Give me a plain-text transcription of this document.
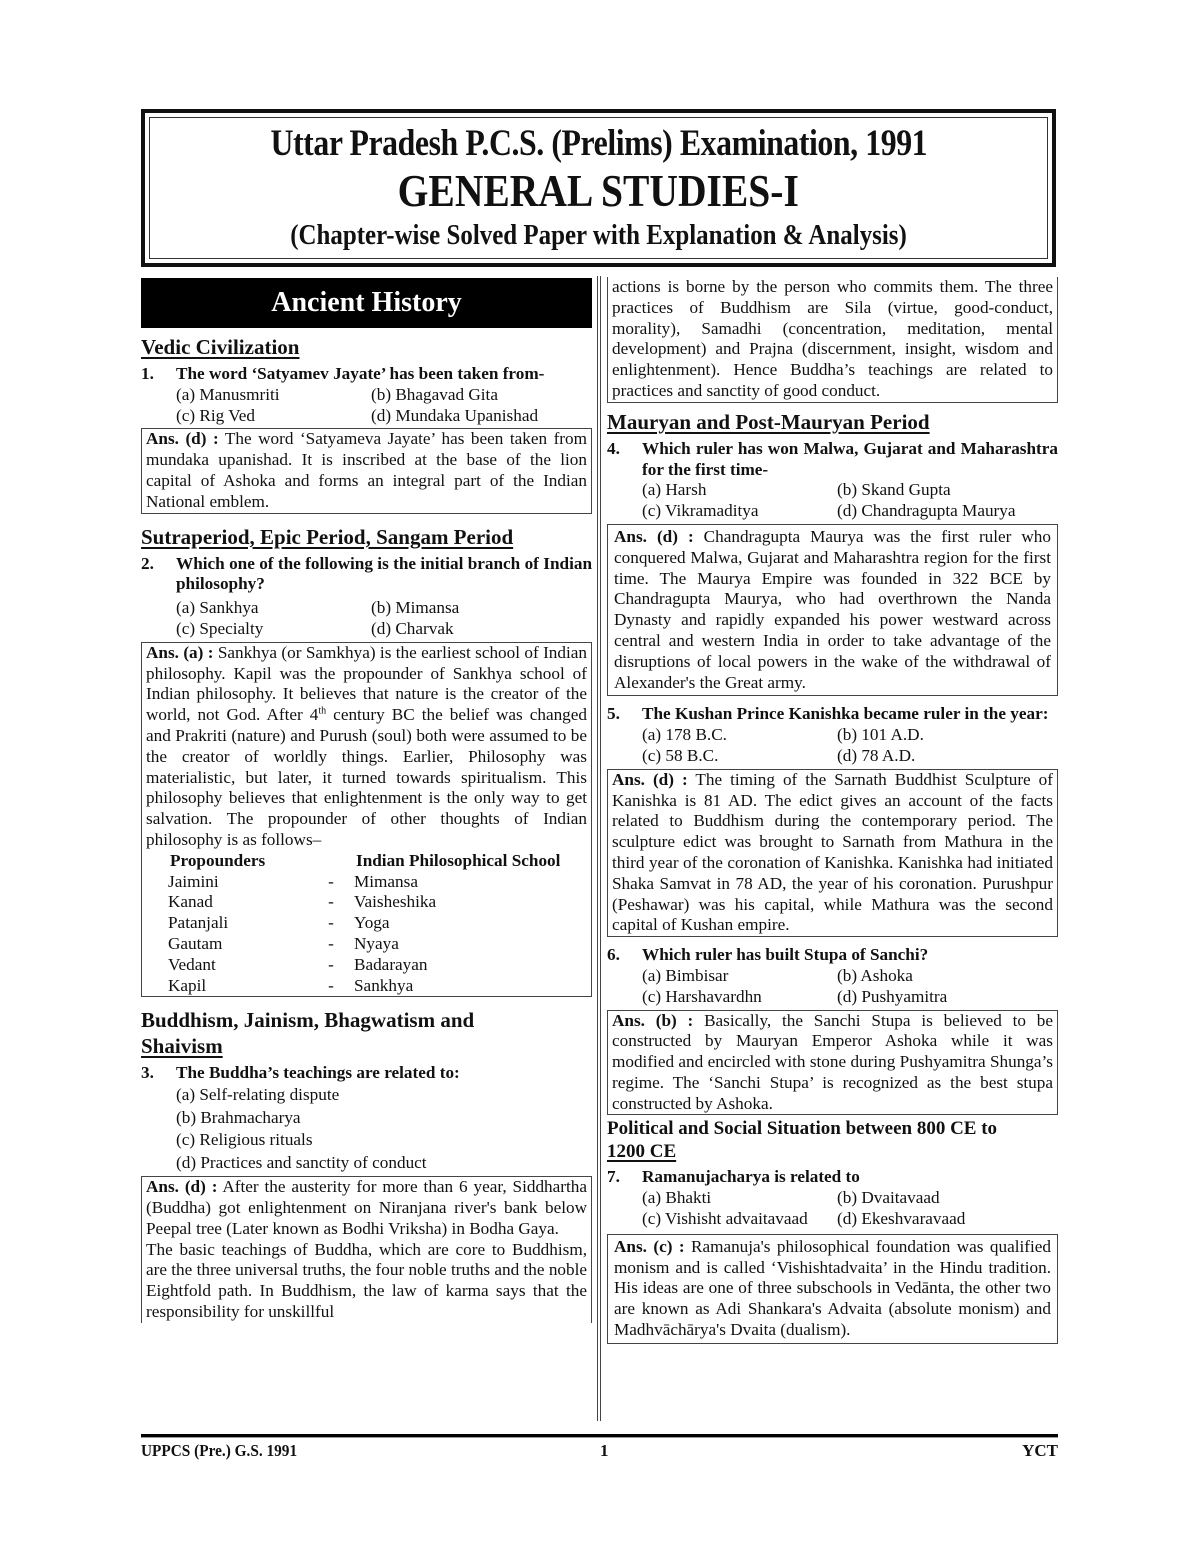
Uttar Pradesh P.C.S. (Prelims) Examination, 1991
GENERAL STUDIES-I
(Chapter-wise Solved Paper with Explanation & Analysis)
Ancient History
Vedic Civilization
1.	The word ‘Satyamev Jayate’ has been taken from-
(a) Manusmriti	(b) Bhagavad Gita
(c) Rig Ved	(d) Mundaka Upanishad

Ans. (d) : The word ‘Satyameva Jayate’ has been taken from mundaka upanishad. It is inscribed at the base of the lion capital of Ashoka and forms an integral part of the Indian National emblem.

Sutraperiod, Epic Period, Sangam Period
2.	Which one of the following is the initial branch of Indian philosophy?
(a) Sankhya	(b) Mimansa
(c) Specialty	(d) Charvak

Ans. (a) : Sankhya (or Samkhya) is the earliest school of Indian philosophy. Kapil was the propounder of Sankhya school of Indian philosophy. It believes that nature is the creator of the world, not God. After 4th century BC the belief was changed and Prakriti (nature) and Purush (soul) both were assumed to be the creator of worldly things. Earlier, Philosophy was materialistic, but later, it turned towards spiritualism. This philosophy believes that enlightenment is the only way to get salvation. The propounder of other thoughts of Indian philosophy is as follows–

Propounders	Indian Philosophical School
Jaimini	-	Mimansa
Kanad	-	Vaisheshika
Patanjali	-	Yoga
Gautam	-	Nyaya
Vedant	-	Badarayan
Kapil	-	Sankhya
Buddhism, Jainism, Bhagwatism and
Shaivism
3.	The Buddha’s teachings are related to:
(a) Self-relating dispute
(b) Brahmacharya
(c) Religious rituals
(d) Practices and sanctity of conduct

Ans. (d) : After the austerity for more than 6 year, Siddhartha (Buddha) got enlightenment on Niranjana river's bank below Peepal tree (Later known as Bodhi Vriksha) in Bodha Gaya.

The basic teachings of Buddha, which are core to Buddhism, are the three universal truths, the four noble truths and the noble Eightfold path. In Buddhism, the law of karma says that the responsibility for unskillful

actions is borne by the person who commits them. The three practices of Buddhism are Sila (virtue, good-conduct, morality), Samadhi (concentration, meditation, mental development) and Prajna (discernment, insight, wisdom and enlightenment). Hence Buddha’s teachings are related to practices and sanctity of good conduct.

Mauryan and Post-Mauryan Period
4.	Which ruler has won Malwa, Gujarat and Maharashtra for the first time-
(a) Harsh	(b) Skand Gupta
(c) Vikramaditya	(d) Chandragupta Maurya

Ans. (d) : Chandragupta Maurya was the first ruler who conquered Malwa, Gujarat and Maharashtra region for the first time. The Maurya Empire was founded in 322 BCE by Chandragupta Maurya, who had overthrown the Nanda Dynasty and rapidly expanded his power westward across central and western India in order to take advantage of the disruptions of local powers in the wake of the withdrawal of Alexander's the Great army.

5.	The Kushan Prince Kanishka became ruler in the year:
(a) 178 B.C.	(b) 101 A.D.
(c) 58 B.C.	(d) 78 A.D.

Ans. (d) : The timing of the Sarnath Buddhist Sculpture of Kanishka is 81 AD. The edict gives an account of the facts related to Buddhism during the contemporary period. The sculpture edict was brought to Sarnath from Mathura in the third year of the coronation of Kanishka. Kanishka had initiated Shaka Samvat in 78 AD, the year of his coronation. Purushpur (Peshawar) was his capital, while Mathura was the second capital of Kushan empire.

6.	Which ruler has built Stupa of Sanchi?
(a) Bimbisar	(b) Ashoka
(c) Harshavardhn	(d) Pushyamitra

Ans. (b) : Basically, the Sanchi Stupa is believed to be constructed by Mauryan Emperor Ashoka while it was modified and encircled with stone during Pushyamitra Shunga’s regime. The ‘Sanchi Stupa’ is recognized as the best stupa constructed by Ashoka.

Political and Social Situation between 800 CE to
1200 CE
7.	Ramanujacharya is related to
(a) Bhakti	(b) Dvaitavaad
(c) Vishisht advaitavaad	(d) Ekeshvaravaad

Ans. (c) : Ramanuja's philosophical foundation was qualified monism and is called ‘Vishishtadvaita’ in the Hindu tradition. His ideas are one of three subschools in Vedānta, the other two are known as Adi Shankara's Advaita (absolute monism) and Madhvāchārya's Dvaita (dualism).

UPPCS (Pre.) G.S. 1991	1	YCT
